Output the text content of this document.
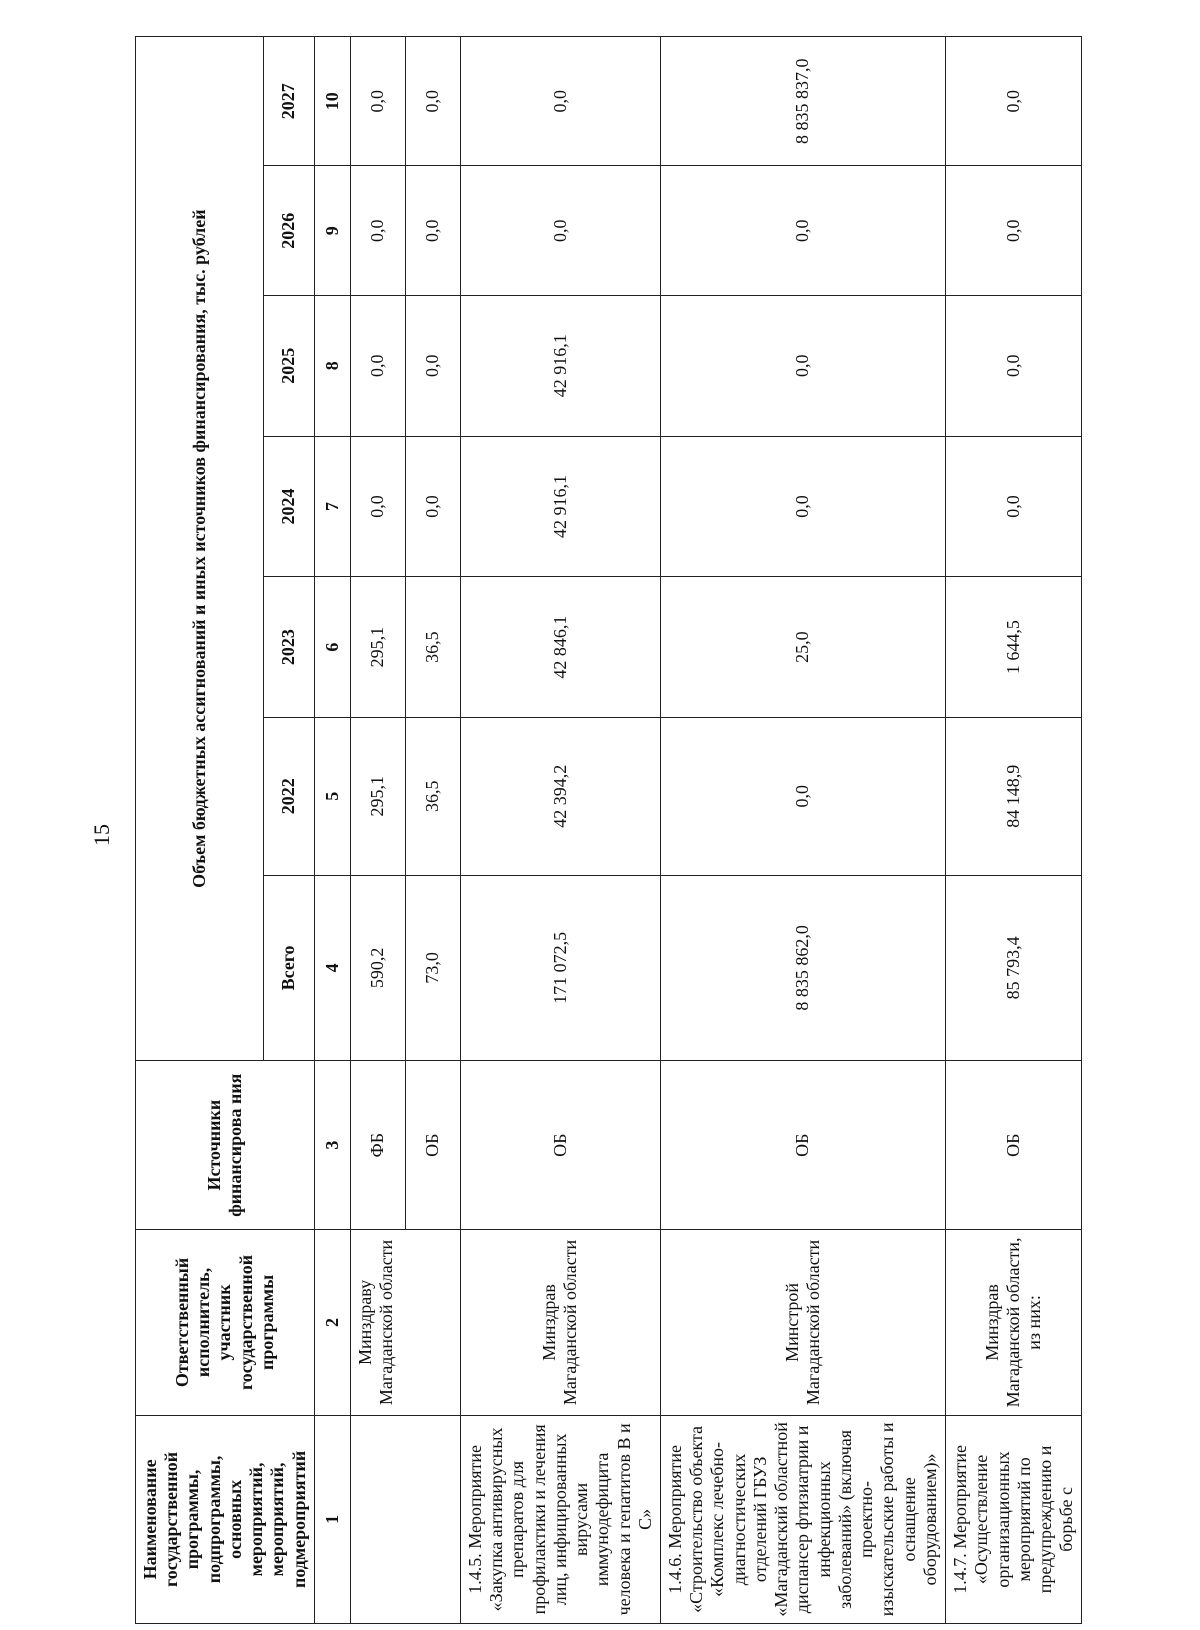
15
Наименование государственной программы, подпрограммы, основных мероприятий, мероприятий, подмероприятий	Ответственный исполнитель, участник государственной программы	Источники финансирова ния	Объем бюджетных ассигнований и иных источников финансирования, тыс. рублей						
			Всего	2022	2023	2024	2025	2026	2027
1	2	3	4	5	6	7	8	9	10
	Минздраву Магаданской области	ФБ	590,2	295,1	295,1	0,0	0,0	0,0	0,0
		ОБ	73,0	36,5	36,5	0,0	0,0	0,0	0,0
1.4.5. Мероприятие «Закупка антивирусных препаратов для профилактики и лечения лиц, инфицированных вирусами иммунодефицита человека и гепатитов В и С»	Минздрав Магаданской области	ОБ	171 072,5	42 394,2	42 846,1	42 916,1	42 916,1	0,0	0,0
1.4.6. Мероприятие «Строительство объекта «Комплекс лечебно-диагностических отделений ГБУЗ «Магаданский областной диспансер фтизиатрии и инфекционных заболеваний» (включая проектно-изыскательские работы и оснащение оборудованием)»	Минстрой Магаданской области	ОБ	8 835 862,0	0,0	25,0	0,0	0,0	0,0	8 835 837,0
1.4.7. Мероприятие «Осуществление организационных мероприятий по предупреждению и борьбе с	Минздрав Магаданской области, из них:	ОБ	85 793,4	84 148,9	1 644,5	0,0	0,0	0,0	0,0
